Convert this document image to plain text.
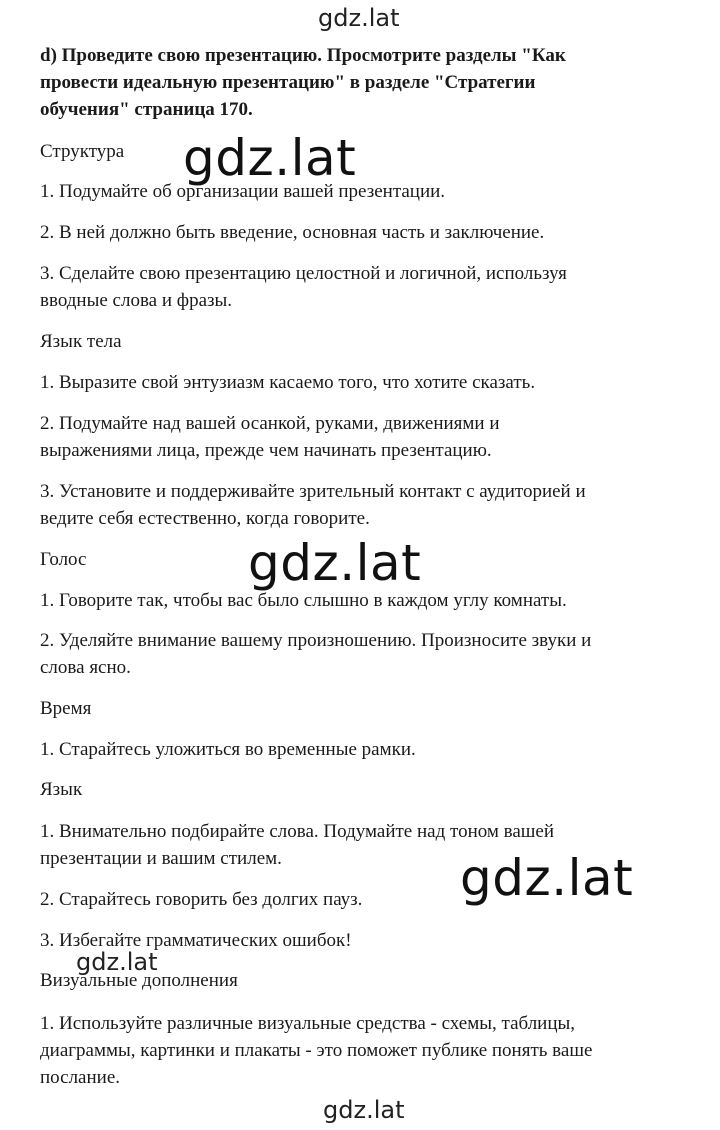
gdz.lat
gdz.lat
gdz.lat
gdz.lat
gdz.lat
gdz.lat
d) Проведите свою презентацию. Просмотрите разделы "Как
провести идеальную презентацию" в разделе "Стратегии
обучения" страница 170.
Структура
1. Подумайте об организации вашей презентации.
2. В ней должно быть введение, основная часть и заключение.
3. Сделайте свою презентацию целостной и логичной, используя
вводные слова и фразы.
Язык тела
1. Выразите свой энтузиазм касаемо того, что хотите сказать.
2. Подумайте над вашей осанкой, руками, движениями и
выражениями лица, прежде чем начинать презентацию.
3. Установите и поддерживайте зрительный контакт с аудиторией и
ведите себя естественно, когда говорите.
Голос
1. Говорите так, чтобы вас было слышно в каждом углу комнаты.
2. Уделяйте внимание вашему произношению. Произносите звуки и
слова ясно.
Время
1. Старайтесь уложиться во временные рамки.
Язык
1. Внимательно подбирайте слова. Подумайте над тоном вашей
презентации и вашим стилем.
2. Старайтесь говорить без долгих пауз.
3. Избегайте грамматических ошибок!
Визуальные дополнения
1. Используйте различные визуальные средства - схемы, таблицы,
диаграммы, картинки и плакаты - это поможет публике понять ваше
послание.
